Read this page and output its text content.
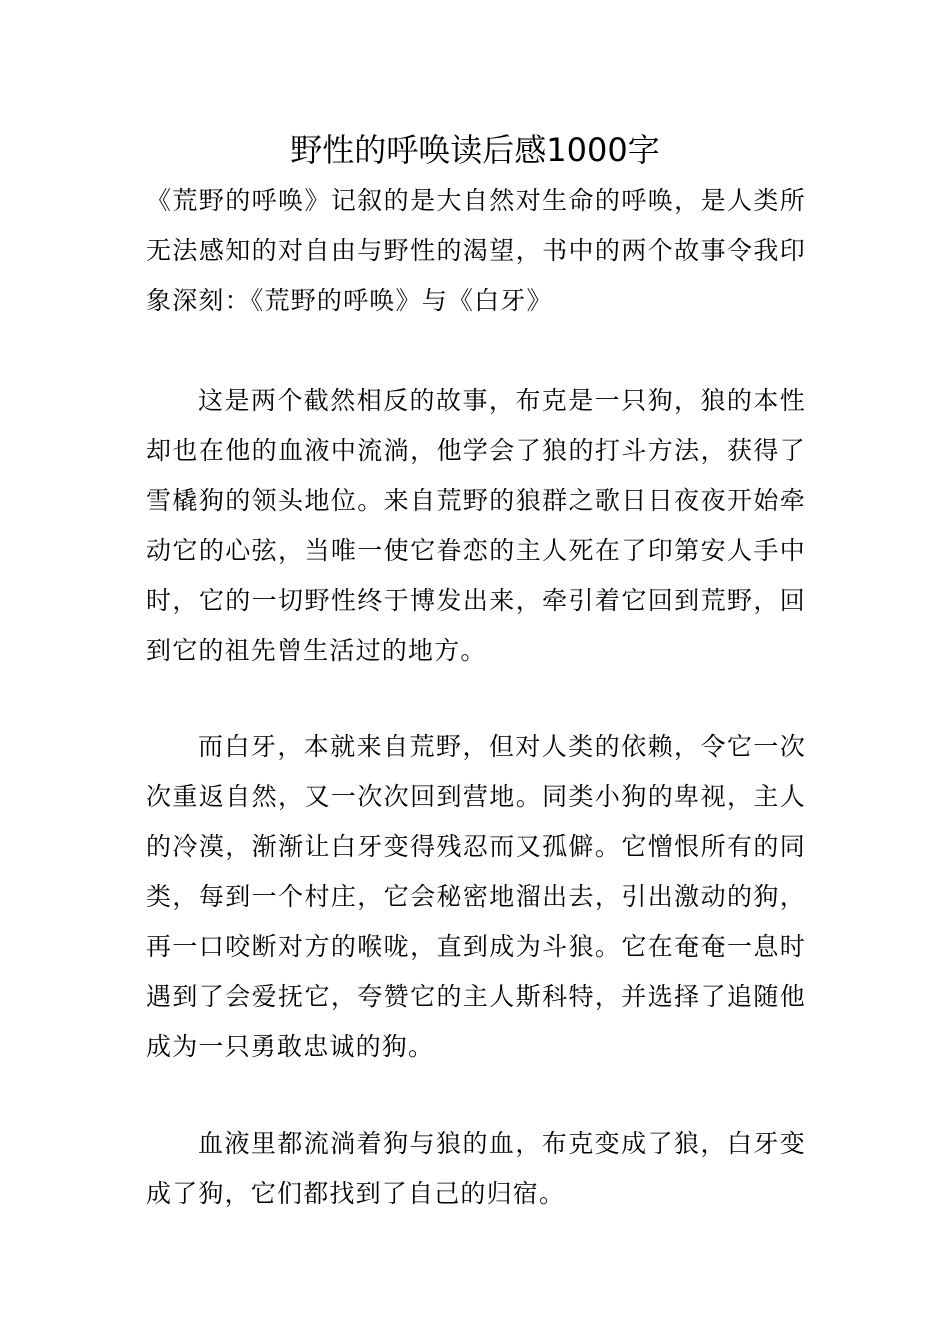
野性的呼唤读后感1000字
《荒野的呼唤》记叙的是大自然对生命的呼唤，是人类所无法感知的对自由与野性的渴望，书中的两个故事令我印象深刻：《荒野的呼唤》与《白牙》
这是两个截然相反的故事，布克是一只狗，狼的本性却也在他的血液中流淌，他学会了狼的打斗方法，获得了雪橇狗的领头地位。来自荒野的狼群之歌日日夜夜开始牵动它的心弦，当唯一使它眷恋的主人死在了印第安人手中时，它的一切野性终于博发出来，牵引着它回到荒野，回到它的祖先曾生活过的地方。
而白牙，本就来自荒野，但对人类的依赖，令它一次次重返自然，又一次次回到营地。同类小狗的卑视，主人的冷漠，渐渐让白牙变得残忍而又孤僻。它憎恨所有的同类，每到一个村庄，它会秘密地溜出去，引出激动的狗，再一口咬断对方的喉咙，直到成为斗狼。它在奄奄一息时遇到了会爱抚它，夸赞它的主人斯科特，并选择了追随他成为一只勇敢忠诚的狗。
血液里都流淌着狗与狼的血，布克变成了狼，白牙变成了狗，它们都找到了自己的归宿。
